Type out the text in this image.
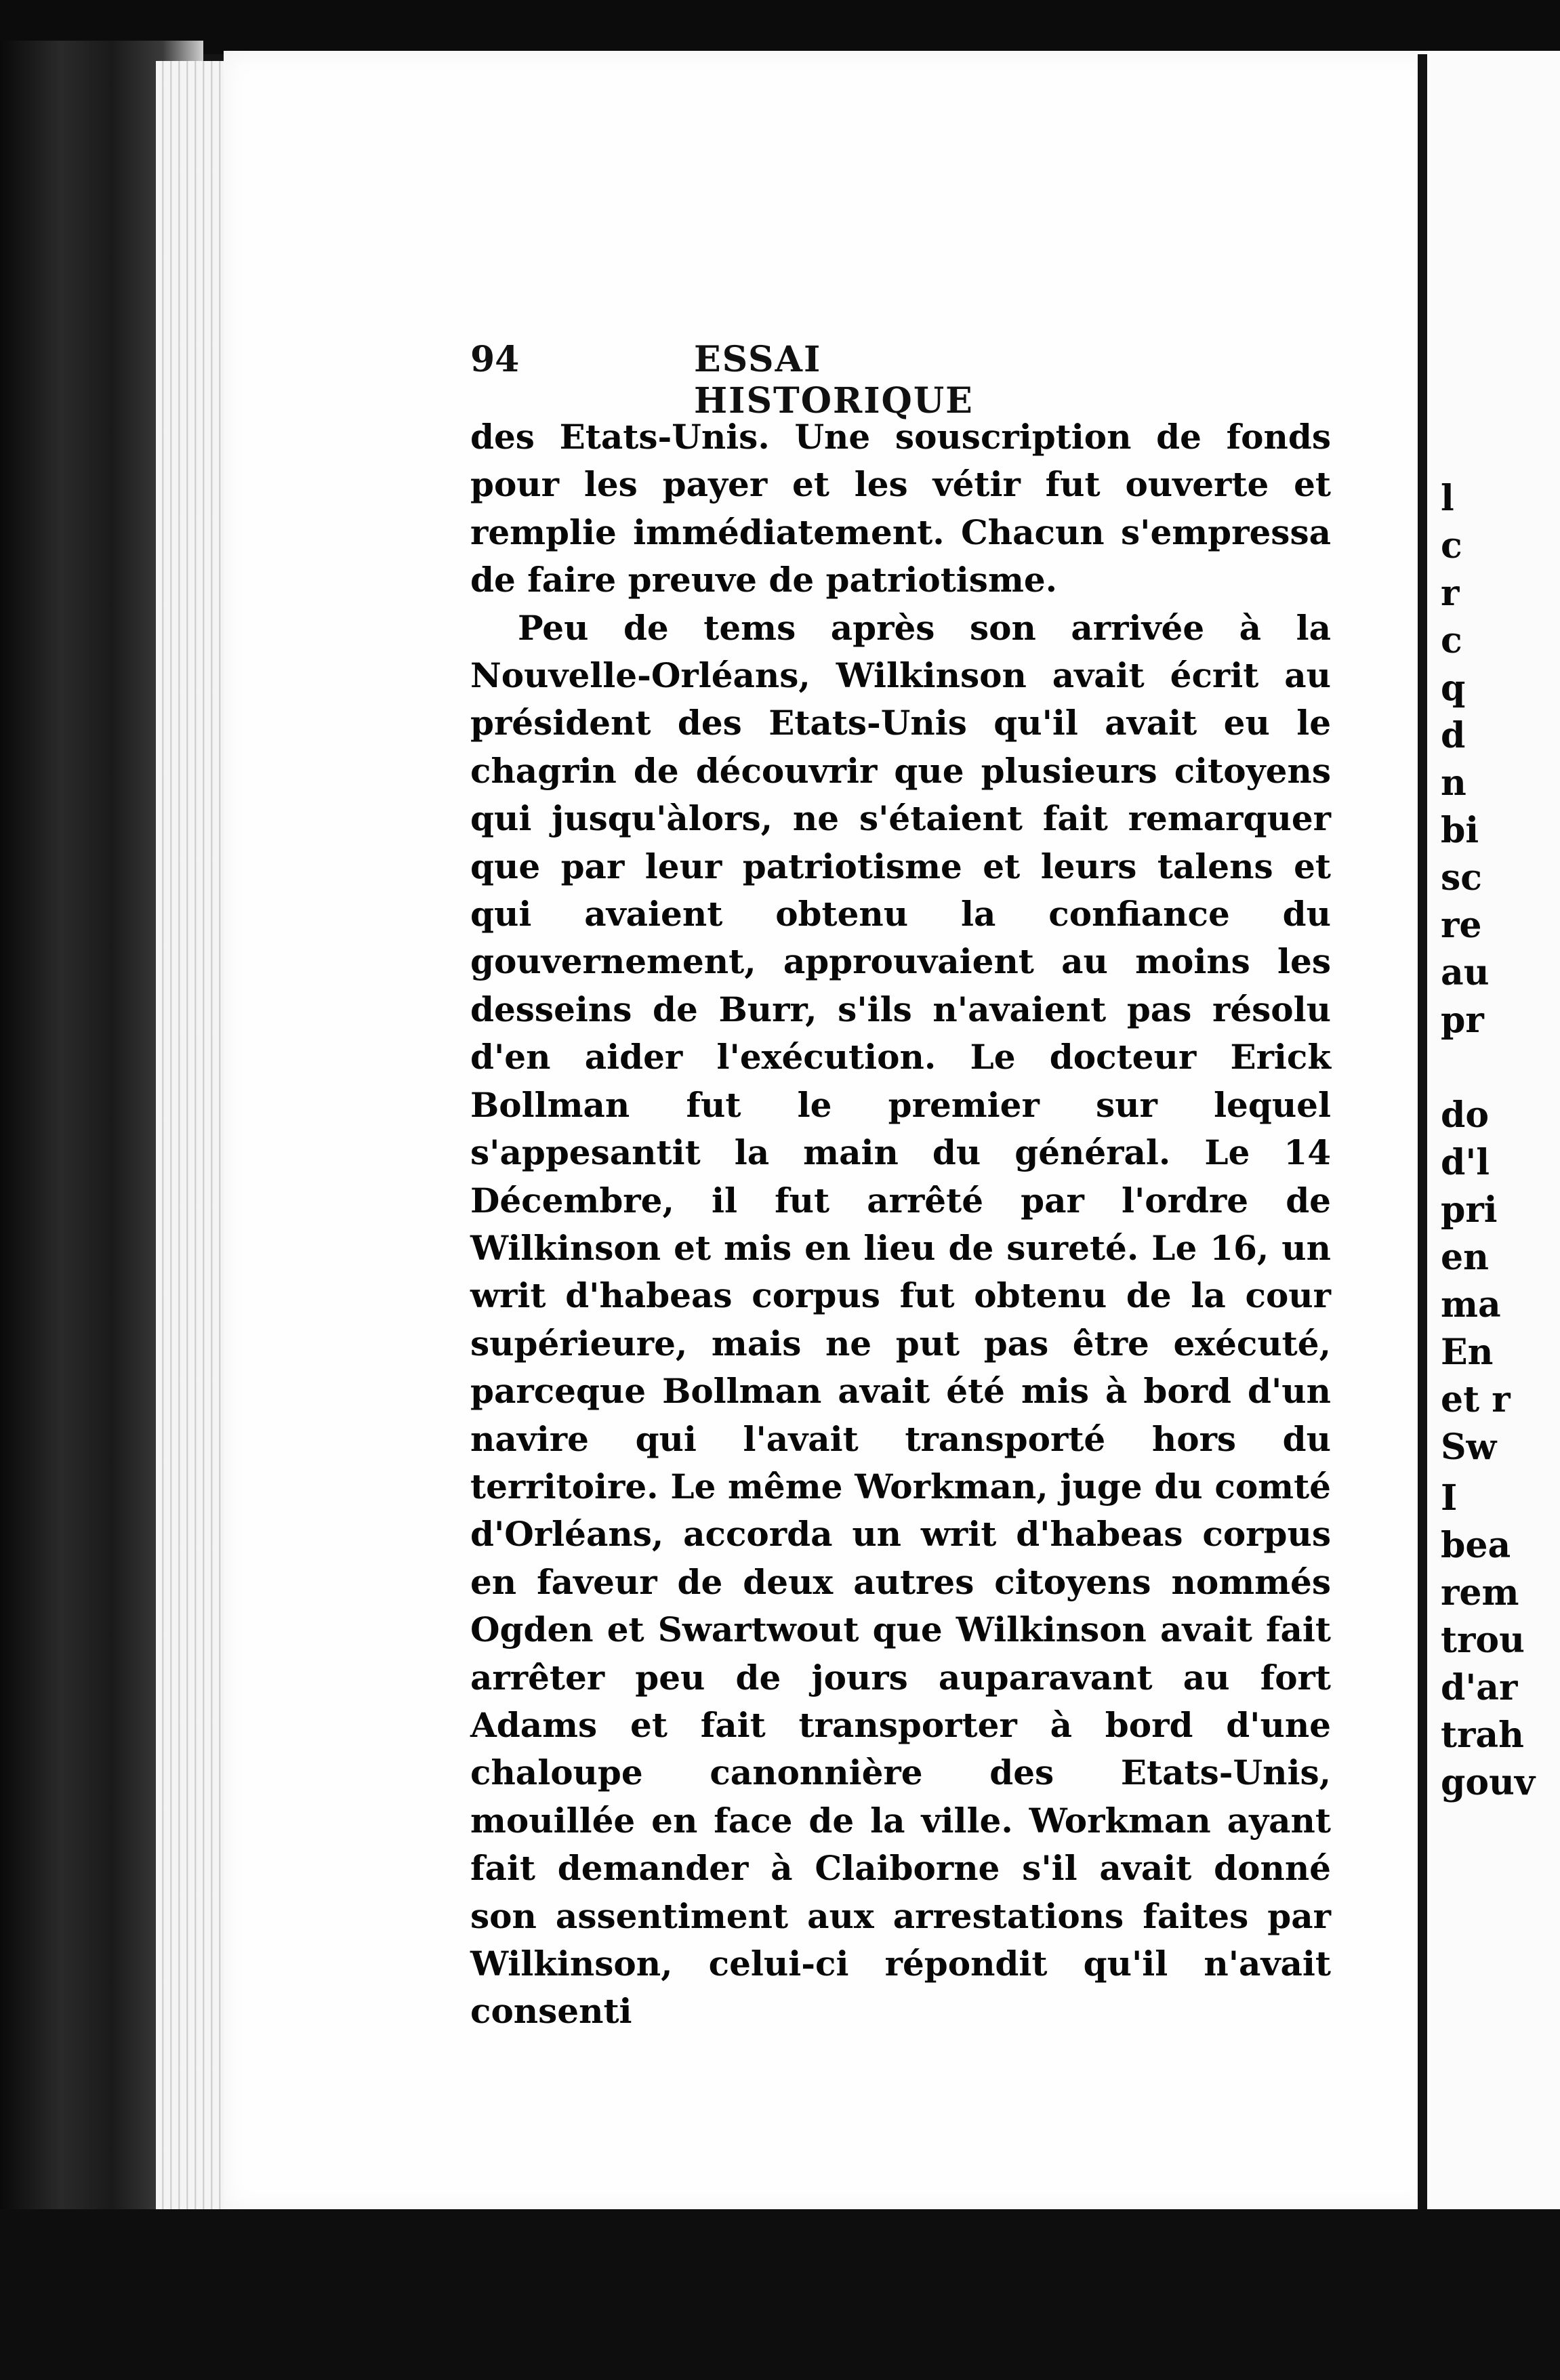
94	ESSAI HISTORIQUE

des Etats-Unis. Une souscription de fonds pour les payer et les vétir fut ouverte et remplie immédiatement. Chacun s'empressa de faire preuve de patriotisme.

Peu de tems après son arrivée à la Nouvelle-Orléans, Wilkinson avait écrit au président des Etats-Unis qu'il avait eu le chagrin de découvrir que plusieurs citoyens qui jusqu'àlors, ne s'étaient fait remarquer que par leur patriotisme et leurs talens et qui avaient obtenu la confiance du gouvernement, approuvaient au moins les desseins de Burr, s'ils n'avaient pas résolu d'en aider l'exécution. Le docteur Erick Bollman fut le premier sur lequel s'appesantit la main du général. Le 14 Décembre, il fut arrêté par l'ordre de Wilkinson et mis en lieu de sureté. Le 16, un writ d'habeas corpus fut obtenu de la cour supérieure, mais ne put pas être exécuté, parceque Bollman avait été mis à bord d'un navire qui l'avait transporté hors du territoire. Le même Workman, juge du comté d'Orléans, accorda un writ d'habeas corpus en faveur de deux autres citoyens nommés Ogden et Swartwout que Wilkinson avait fait arrêter peu de jours auparavant au fort Adams et fait transporter à bord d'une chaloupe canonnière des Etats-Unis, mouillée en face de la ville. Workman ayant fait demander à Claiborne s'il avait donné son assentiment aux arrestations faites par Wilkinson, celui-ci répondit qu'il n'avait consenti

l
c
r
c
q
d
n
bi
sc
re
au
pr
do
d'l
pri
en
ma
En
et r
Sw
I
bea
rem
trou
d'ar
trah
gouv
